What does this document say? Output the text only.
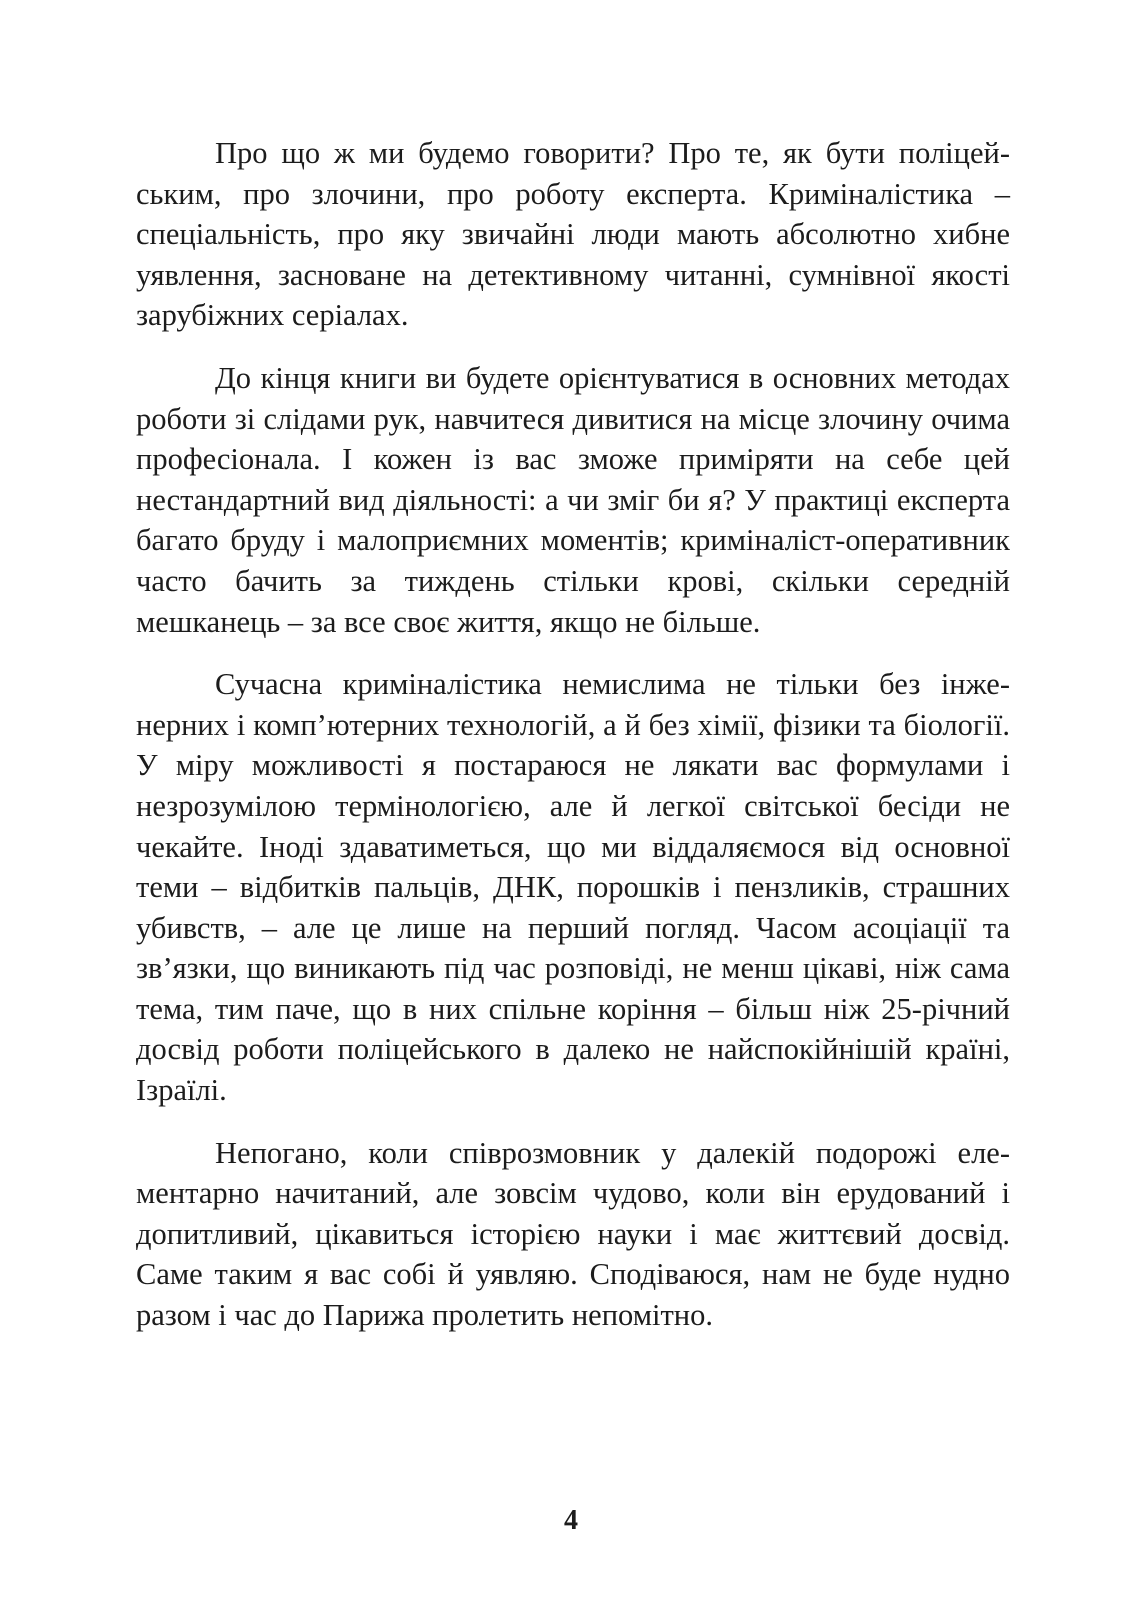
Про що ж ми будемо говорити? Про те, як бути поліцейським, про злочини, про роботу експерта. Криміналістика – спеціальність, про яку звичайні люди мають абсолютно хибне уявлення, засноване на детективному читанні, сумнівної якості зарубіжних серіалах.

До кінця книги ви будете орієнтуватися в основних методах роботи зі слідами рук, навчитеся дивитися на місце злочину очима професіонала. І кожен із вас зможе приміряти на себе цей нестандартний вид діяльності: а чи зміг би я? У практиці експерта багато бруду і малоприємних моментів; криміналіст-оперативник часто бачить за тиждень стільки крові, скільки середній мешканець – за все своє життя, якщо не більше.

Сучасна криміналістика немислима не тільки без інженерних і комп’ютерних технологій, а й без хімії, фізики та біології. У міру можливості я постараюся не лякати вас формулами і незрозумілою термінологією, але й легкої світської бесіди не чекайте. Іноді здаватиметься, що ми віддаляємося від основної теми – відбитків пальців, ДНК, порошків і пензликів, страшних убивств, – але це лише на перший погляд. Часом асоціації та зв’язки, що виникають під час розповіді, не менш цікаві, ніж сама тема, тим паче, що в них спільне коріння – більш ніж 25-річний досвід роботи поліцейського в далеко не найспокійнішій країні, Ізраїлі.

Непогано, коли співрозмовник у далекій подорожі елементарно начитаний, але зовсім чудово, коли він ерудований і допитливий, цікавиться історією науки і має життєвий досвід. Саме таким я вас собі й уявляю. Сподіваюся, нам не буде нудно разом і час до Парижа пролетить непомітно.

4
